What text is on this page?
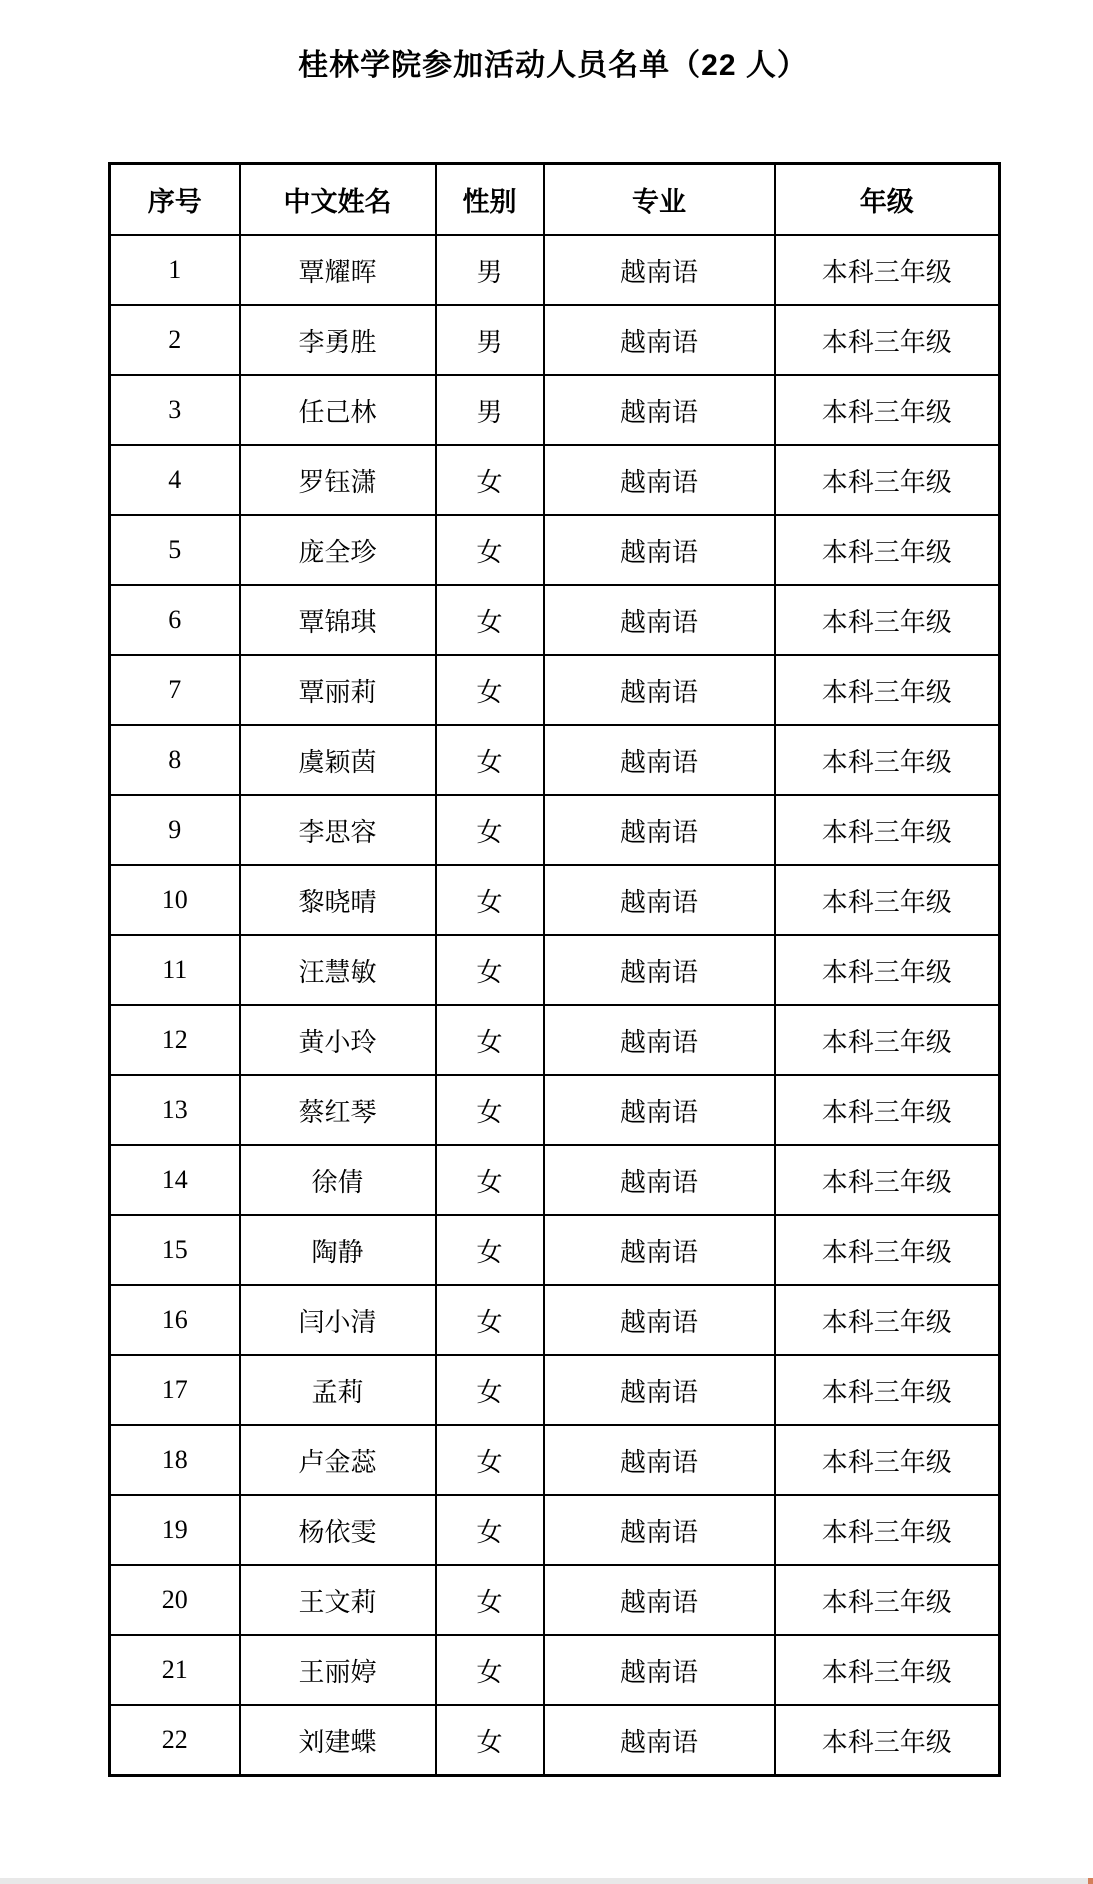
桂林学院参加活动人员名单（22 人）
序号	中文姓名	性别	专业	年级
1	覃耀晖	男	越南语	本科三年级
2	李勇胜	男	越南语	本科三年级
3	任己林	男	越南语	本科三年级
4	罗钰潇	女	越南语	本科三年级
5	庞全珍	女	越南语	本科三年级
6	覃锦琪	女	越南语	本科三年级
7	覃丽莉	女	越南语	本科三年级
8	虞颖茵	女	越南语	本科三年级
9	李思容	女	越南语	本科三年级
10	黎晓晴	女	越南语	本科三年级
11	汪慧敏	女	越南语	本科三年级
12	黄小玲	女	越南语	本科三年级
13	蔡红琴	女	越南语	本科三年级
14	徐倩	女	越南语	本科三年级
15	陶静	女	越南语	本科三年级
16	闫小清	女	越南语	本科三年级
17	孟莉	女	越南语	本科三年级
18	卢金蕊	女	越南语	本科三年级
19	杨依雯	女	越南语	本科三年级
20	王文莉	女	越南语	本科三年级
21	王丽婷	女	越南语	本科三年级
22	刘建蝶	女	越南语	本科三年级
